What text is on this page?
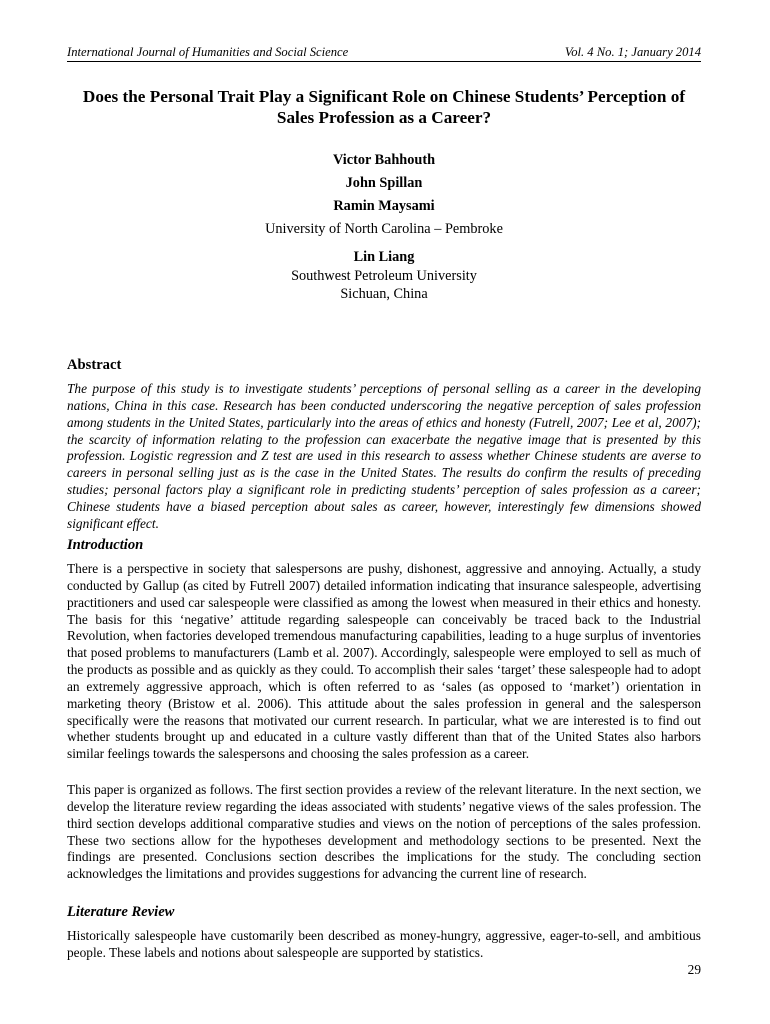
International Journal of Humanities and Social Science	Vol. 4 No. 1; January 2014
Does the Personal Trait Play a Significant Role on Chinese Students’ Perception of Sales Profession as a Career?
Victor Bahhouth
John Spillan
Ramin Maysami
University of North Carolina – Pembroke
Lin Liang
Southwest Petroleum University
Sichuan, China
Abstract

The purpose of this study is to investigate students’ perceptions of personal selling as a career in the developing nations, China in this case. Research has been conducted underscoring the negative perception of sales profession among students in the United States, particularly into the areas of ethics and honesty (Futrell, 2007; Lee et al, 2007); the scarcity of information relating to the profession can exacerbate the negative image that is presented by this profession. Logistic regression and Z test are used in this research to assess whether Chinese students are averse to careers in personal selling just as is the case in the United States. The results do confirm the results of preceding studies; personal factors play a significant role in predicting students’ perception of sales profession as a career; Chinese students have a biased perception about sales as career, however, interestingly few dimensions showed significant effect.

Introduction

There is a perspective in society that salespersons are pushy, dishonest, aggressive and annoying. Actually, a study conducted by Gallup (as cited by Futrell 2007) detailed information indicating that insurance salespeople, advertising practitioners and used car salespeople were classified as among the lowest when measured in their ethics and honesty. The basis for this ‘negative’ attitude regarding salespeople can conceivably be traced back to the Industrial Revolution, when factories developed tremendous manufacturing capabilities, leading to a huge surplus of inventories that posed problems to manufacturers (Lamb et al. 2007). Accordingly, salespeople were employed to sell as much of the products as possible and as quickly as they could. To accomplish their sales ‘target’ these salespeople had to adopt an extremely aggressive approach, which is often referred to as ‘sales (as opposed to ‘market’) orientation in marketing theory (Bristow et al. 2006). This attitude about the sales profession in general and the salesperson specifically were the reasons that motivated our current research. In particular, what we are interested is to find out whether students brought up and educated in a culture vastly different than that of the United States also harbors similar feelings towards the salespersons and choosing the sales profession as a career.

This paper is organized as follows. The first section provides a review of the relevant literature. In the next section, we develop the literature review regarding the ideas associated with students’ negative views of the sales profession. The third section develops additional comparative studies and views on the notion of perceptions of the sales profession. These two sections allow for the hypotheses development and methodology sections to be presented. Next the findings are presented. Conclusions section describes the implications for the study. The concluding section acknowledges the limitations and provides suggestions for advancing the current line of research.

Literature Review

Historically salespeople have customarily been described as money-hungry, aggressive, eager-to-sell, and ambitious people. These labels and notions about salespeople are supported by statistics.

29
